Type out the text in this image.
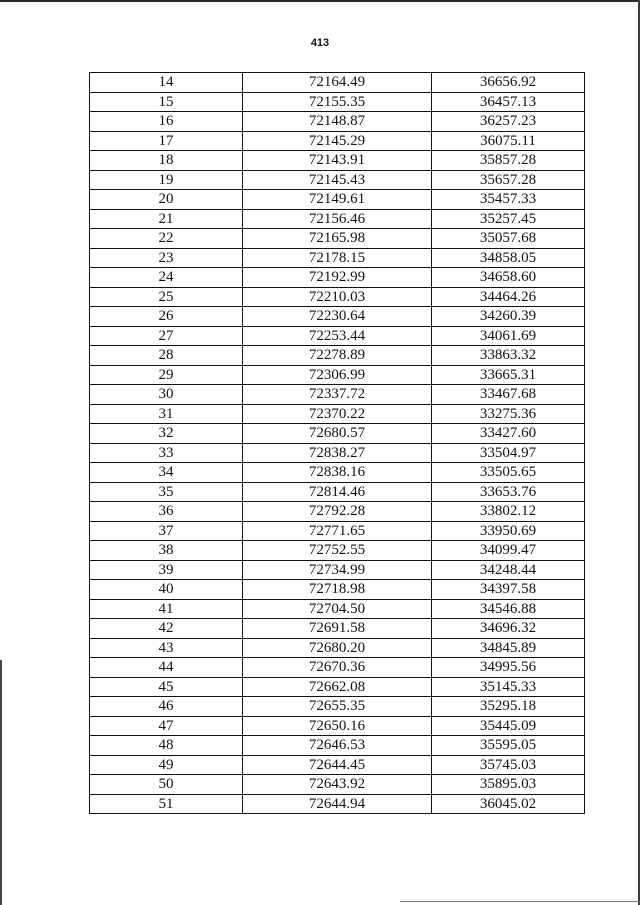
413
14	72164.49	36656.92
15	72155.35	36457.13
16	72148.87	36257.23
17	72145.29	36075.11
18	72143.91	35857.28
19	72145.43	35657.28
20	72149.61	35457.33
21	72156.46	35257.45
22	72165.98	35057.68
23	72178.15	34858.05
24	72192.99	34658.60
25	72210.03	34464.26
26	72230.64	34260.39
27	72253.44	34061.69
28	72278.89	33863.32
29	72306.99	33665.31
30	72337.72	33467.68
31	72370.22	33275.36
32	72680.57	33427.60
33	72838.27	33504.97
34	72838.16	33505.65
35	72814.46	33653.76
36	72792.28	33802.12
37	72771.65	33950.69
38	72752.55	34099.47
39	72734.99	34248.44
40	72718.98	34397.58
41	72704.50	34546.88
42	72691.58	34696.32
43	72680.20	34845.89
44	72670.36	34995.56
45	72662.08	35145.33
46	72655.35	35295.18
47	72650.16	35445.09
48	72646.53	35595.05
49	72644.45	35745.03
50	72643.92	35895.03
51	72644.94	36045.02
